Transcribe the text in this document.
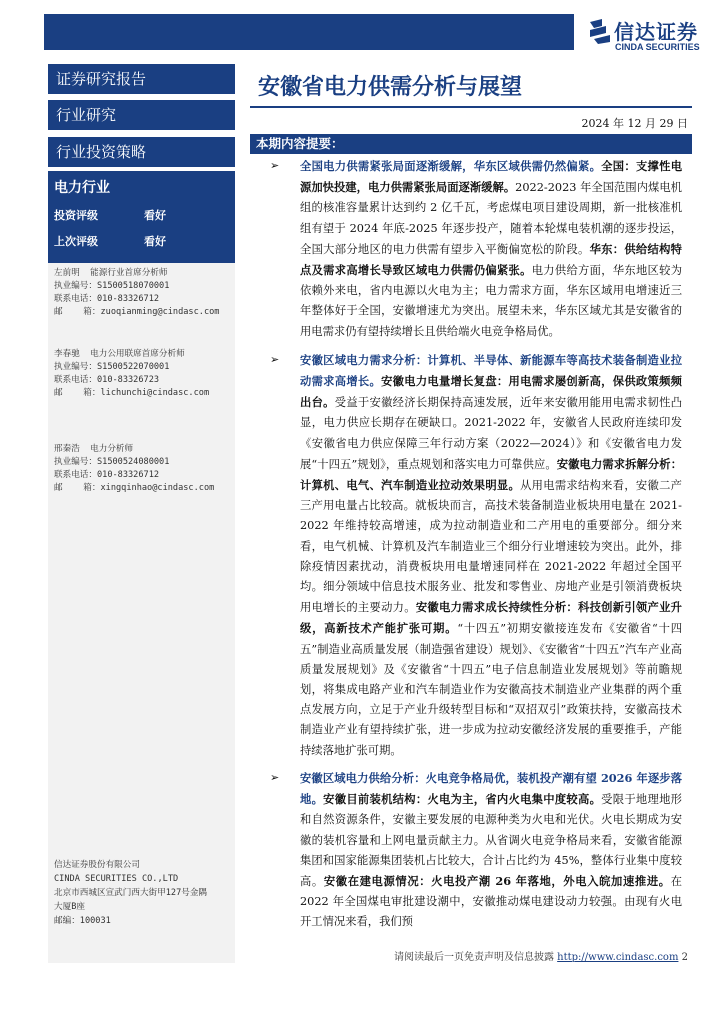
信达证券
CINDA SECURITIES
证券研究报告
行业研究
行业投资策略
电力行业
投资评级	看好
上次评级	看好
左前明  能源行业首席分析师
执业编号：S1500518070001
联系电话：010-83326712
邮    箱：zuoqianming@cindasc.com
李春驰  电力公用联席首席分析师
执业编号：S1500522070001
联系电话：010-83326723
邮    箱：lichunchi@cindasc.com
邢秦浩  电力分析师
执业编号：S1500524080001
联系电话：010-83326712
邮    箱：xingqinhao@cindasc.com
信达证券股份有限公司
CINDA SECURITIES CO.,LTD
北京市西城区宣武门西大街甲127号金隅
大厦B座
邮编：100031
安徽省电力供需分析与展望
2024 年 12 月 29 日
本期内容提要：
➢ 全国电力供需紧张局面逐渐缓解，华东区域供需仍然偏紧。全国：支撑性电源加快投建，电力供需紧张局面逐渐缓解。2022-2023 年全国范围内煤电机组的核准容量累计达到约 2 亿千瓦，考虑煤电项目建设周期，新一批核准机组有望于 2024 年底-2025 年逐步投产，随着本轮煤电装机潮的逐步投运，全国大部分地区的电力供需有望步入平衡偏宽松的阶段。华东：供给结构特点及需求高增长导致区域电力供需仍偏紧张。电力供给方面，华东地区较为依赖外来电，省内电源以火电为主；电力需求方面，华东区域用电增速近三年整体好于全国，安徽增速尤为突出。展望未来，华东区域尤其是安徽省的用电需求仍有望持续增长且供给端火电竞争格局优。
➢ 安徽区域电力需求分析：计算机、半导体、新能源车等高技术装备制造业拉动需求高增长。安徽电力电量增长复盘：用电需求屡创新高，保供政策频频出台。受益于安徽经济长期保持高速发展，近年来安徽用能用电需求韧性凸显，电力供应长期存在硬缺口。2021-2022 年，安徽省人民政府连续印发《安徽省电力供应保障三年行动方案（2022—2024）》和《安徽省电力发展“十四五”规划》，重点规划和落实电力可靠供应。安徽电力需求拆解分析：计算机、电气、汽车制造业拉动效果明显。从用电需求结构来看，安徽二产三产用电量占比较高。就板块而言，高技术装备制造业板块用电量在 2021-2022 年维持较高增速，成为拉动制造业和二产用电的重要部分。细分来看，电气机械、计算机及汽车制造业三个细分行业增速较为突出。此外，排除疫情因素扰动，消费板块用电量增速同样在 2021-2022 年超过全国平均。细分领域中信息技术服务业、批发和零售业、房地产业是引领消费板块用电增长的主要动力。安徽电力需求成长持续性分析：科技创新引领产业升级，高新技术产能扩张可期。“十四五”初期安徽接连发布《安徽省“十四五”制造业高质量发展（制造强省建设）规划》、《安徽省“十四五”汽车产业高质量发展规划》及《安徽省“十四五”电子信息制造业发展规划》等前瞻规划，将集成电路产业和汽车制造业作为安徽高技术制造业产业集群的两个重点发展方向，立足于产业升级转型目标和“双招双引”政策扶持，安徽高技术制造业产业有望持续扩张，进一步成为拉动安徽经济发展的重要推手，产能持续落地扩张可期。
➢ 安徽区域电力供给分析：火电竞争格局优，装机投产潮有望 2026 年逐步落地。安徽目前装机结构：火电为主，省内火电集中度较高。受限于地理地形和自然资源条件，安徽主要发展的电源种类为火电和光伏。火电长期成为安徽的装机容量和上网电量贡献主力。从省调火电竞争格局来看，安徽省能源集团和国家能源集团装机占比较大，合计占比约为 45%，整体行业集中度较高。安徽在建电源情况：火电投产潮 26 年落地，外电入皖加速推进。在 2022 年全国煤电审批建设潮中，安徽推动煤电建设动力较强。由现有火电开工情况来看，我们预
请阅读最后一页免责声明及信息披露 http://www.cindasc.com 2
